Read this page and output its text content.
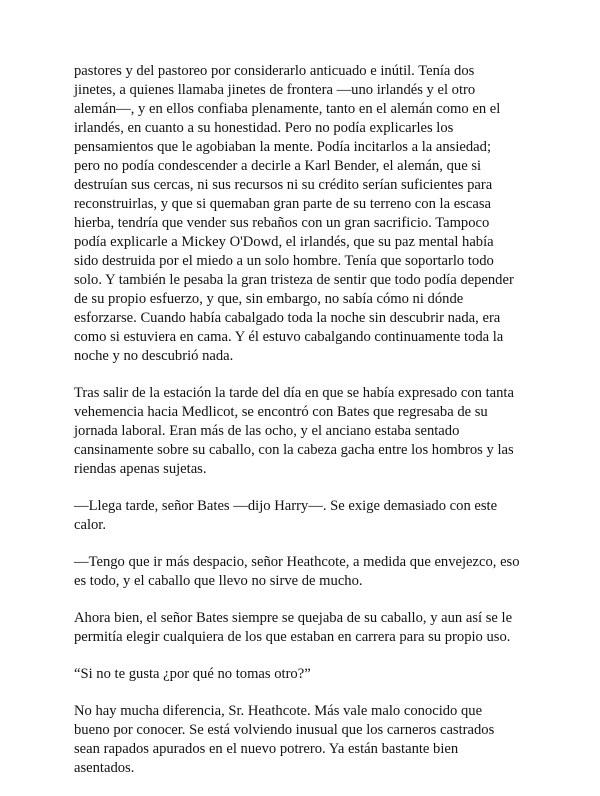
pastores y del pastoreo por considerarlo anticuado e inútil. Tenía dos
jinetes, a quienes llamaba jinetes de frontera —uno irlandés y el otro
alemán—, y en ellos confiaba plenamente, tanto en el alemán como en el
irlandés, en cuanto a su honestidad. Pero no podía explicarles los
pensamientos que le agobiaban la mente. Podía incitarlos a la ansiedad;
pero no podía condescender a decirle a Karl Bender, el alemán, que si
destruían sus cercas, ni sus recursos ni su crédito serían suficientes para
reconstruirlas, y que si quemaban gran parte de su terreno con la escasa
hierba, tendría que vender sus rebaños con un gran sacrificio. Tampoco
podía explicarle a Mickey O'Dowd, el irlandés, que su paz mental había
sido destruida por el miedo a un solo hombre. Tenía que soportarlo todo
solo. Y también le pesaba la gran tristeza de sentir que todo podía depender
de su propio esfuerzo, y que, sin embargo, no sabía cómo ni dónde
esforzarse. Cuando había cabalgado toda la noche sin descubrir nada, era
como si estuviera en cama. Y él estuvo cabalgando continuamente toda la
noche y no descubrió nada.

Tras salir de la estación la tarde del día en que se había expresado con tanta
vehemencia hacia Medlicot, se encontró con Bates que regresaba de su
jornada laboral. Eran más de las ocho, y el anciano estaba sentado
cansinamente sobre su caballo, con la cabeza gacha entre los hombros y las
riendas apenas sujetas.

—Llega tarde, señor Bates —dijo Harry—. Se exige demasiado con este
calor.

—Tengo que ir más despacio, señor Heathcote, a medida que envejezco, eso
es todo, y el caballo que llevo no sirve de mucho.

Ahora bien, el señor Bates siempre se quejaba de su caballo, y aun así se le
permitía elegir cualquiera de los que estaban en carrera para su propio uso.

“Si no te gusta ¿por qué no tomas otro?”

No hay mucha diferencia, Sr. Heathcote. Más vale malo conocido que
bueno por conocer. Se está volviendo inusual que los carneros castrados
sean rapados apurados en el nuevo potrero. Ya están bastante bien
asentados.
